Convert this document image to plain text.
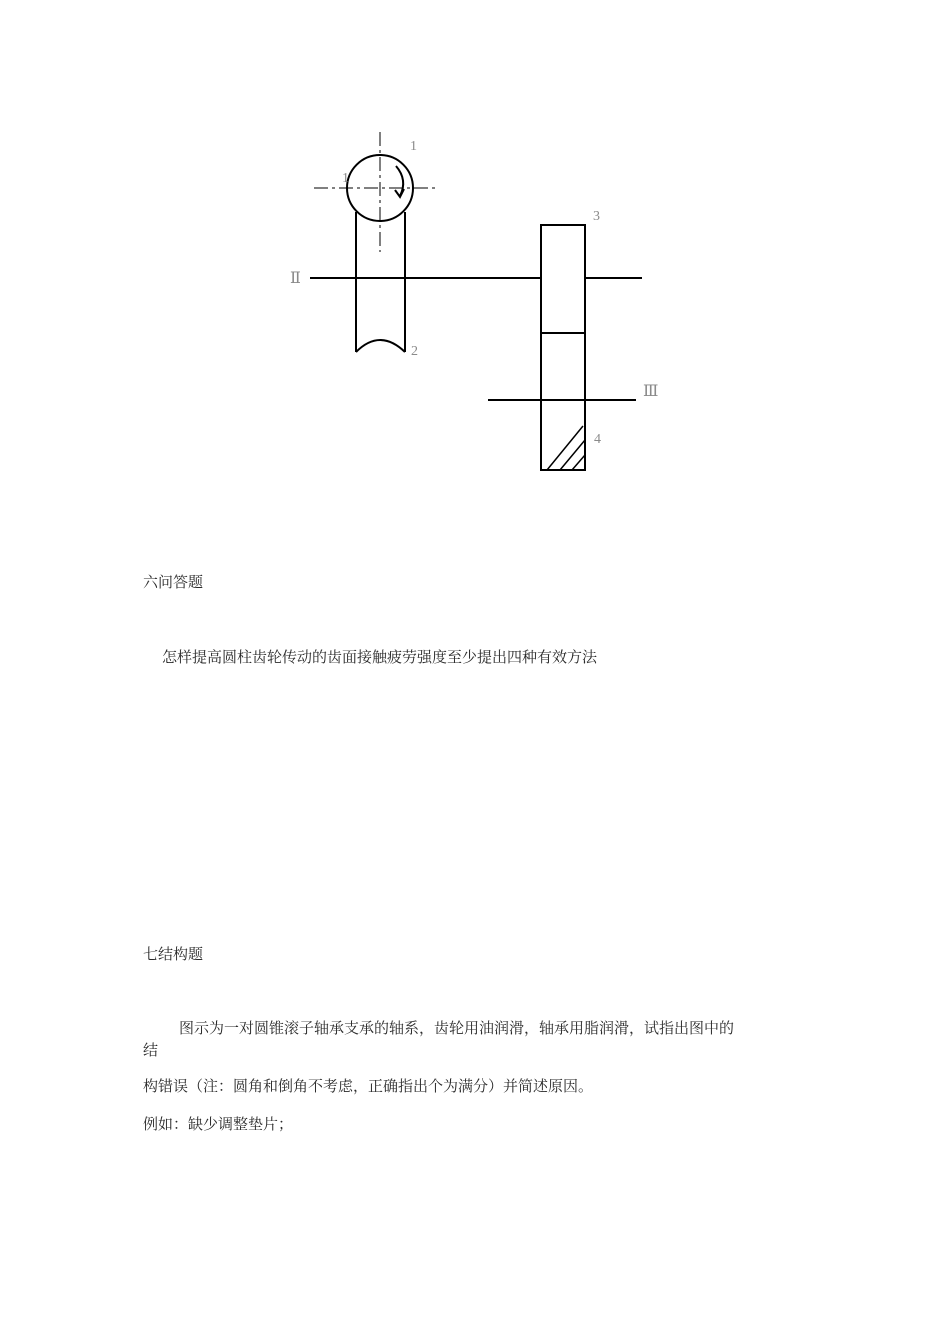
1
1
2
3
4
Ⅱ
Ⅲ
六问答题
怎样提高圆柱齿轮传动的齿面接触疲劳强度至少提出四种有效方法
七结构题
图示为一对圆锥滚子轴承支承的轴系，齿轮用油润滑，轴承用脂润滑，试指出图中的
结
构错误（注：圆角和倒角不考虑，正确指出个为满分）并简述原因。
例如：缺少调整垫片；
